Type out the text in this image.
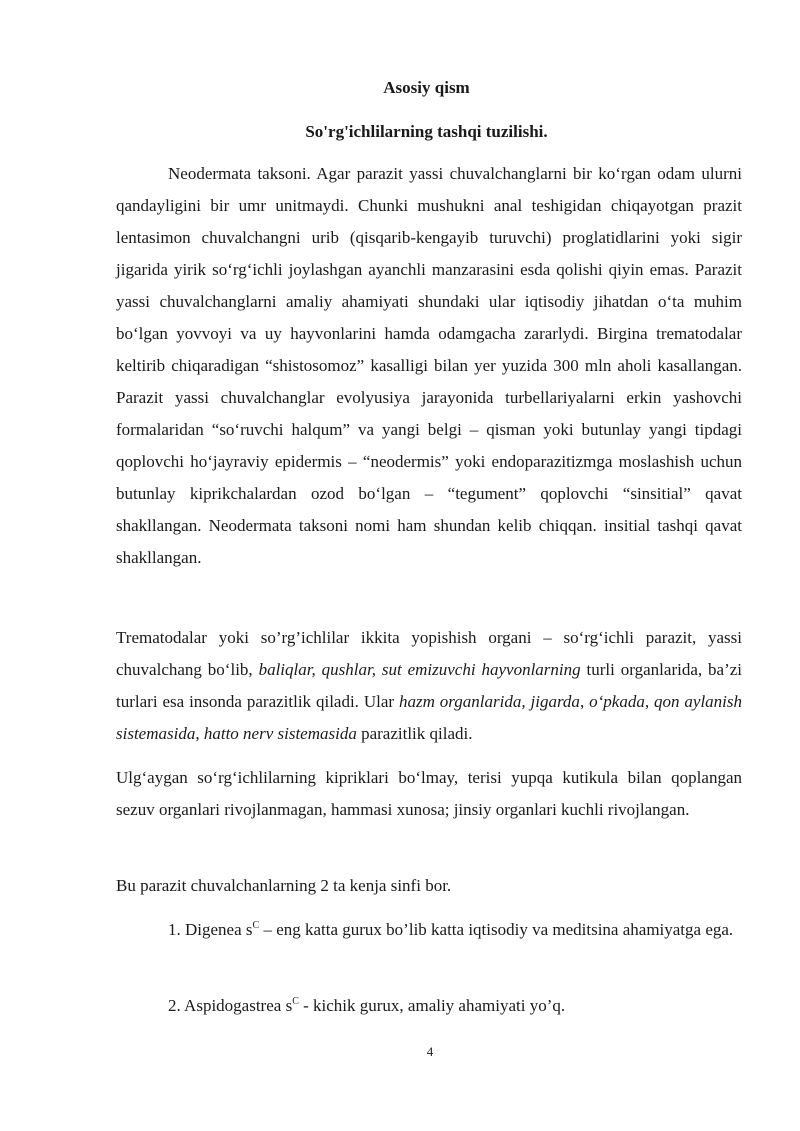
Asosiy qism
So'rg'ichlilarning tashqi tuzilishi.

Neodermata taksoni. Agar parazit yassi chuvalchanglarni bir ko‘rgan odam ulurni qandayligini bir umr unitmaydi. Chunki mushukni anal teshigidan chiqayotgan prazit lentasimon chuvalchangni urib (qisqarib-kengayib turuvchi) proglatidlarini yoki sigir jigarida yirik so‘rg‘ichli joylashgan ayanchli manzarasini esda qolishi qiyin emas. Parazit yassi chuvalchanglarni amaliy ahamiyati shundaki ular iqtisodiy jihatdan o‘ta muhim bo‘lgan yovvoyi va uy hayvonlarini hamda odamgacha zararlydi. Birgina trematodalar keltirib chiqaradigan “shistosomoz” kasalligi bilan yer yuzida 300 mln aholi kasallangan. Parazit yassi chuvalchanglar evolyusiya jarayonida turbellariyalarni erkin yashovchi formalaridan “so‘ruvchi halqum” va yangi belgi – qisman yoki butunlay yangi tipdagi qoplovchi ho‘jayraviy epidermis – “neodermis” yoki endoparazitizmga moslashish uchun butunlay kiprikchalardan ozod bo‘lgan – “tegument” qoplovchi “sinsitial” qavat shakllangan. Neodermata taksoni nomi ham shundan kelib chiqqan. insitial tashqi qavat shakllangan.

Trematodalar yoki so’rg’ichlilar ikkita yopishish organi – so‘rg‘ichli parazit, yassi chuvalchang bo‘lib, baliqlar, qushlar, sut emizuvchi hayvonlarning turli organlarida, ba’zi turlari esa insonda parazitlik qiladi. Ular hazm organlarida, jigarda, o‘pkada, qon aylanish sistemasida, hatto nerv sistemasida parazitlik qiladi.

Ulg‘aygan so‘rg‘ichlilarning kipriklari bo‘lmay, terisi yupqa kutikula bilan qoplangan sezuv organlari rivojlanmagan, hammasi xunosa; jinsiy organlari kuchli rivojlangan.

Bu parazit chuvalchanlarning 2 ta kenja sinfi bor.

1. Digenea $s^C$ – eng katta gurux bo’lib katta iqtisodiy va meditsina ahamiyatga ega.

2. Aspidogastrea $s^C$ - kichik gurux, amaliy ahamiyati yo’q.

4
